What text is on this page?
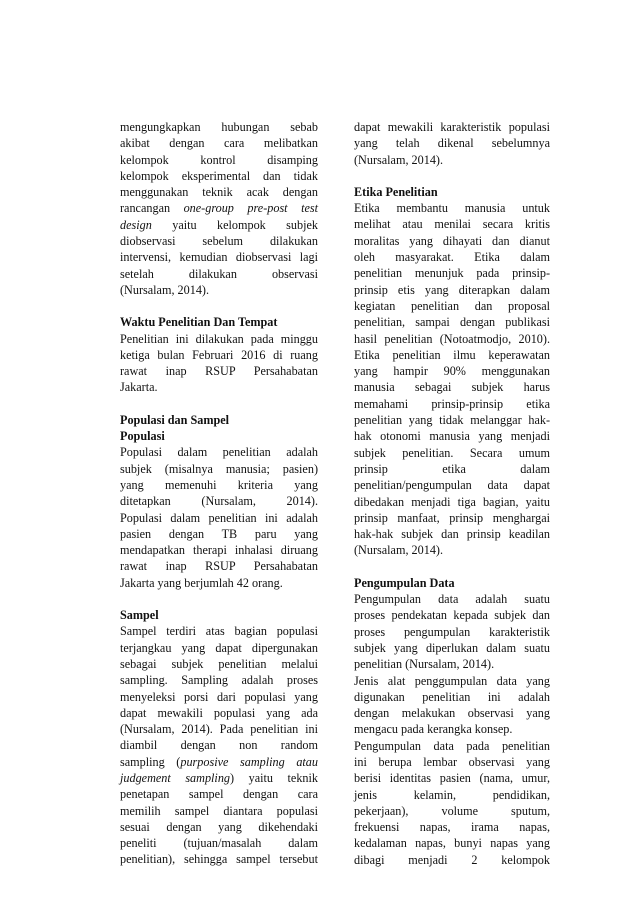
mengungkapkan hubungan sebab
akibat dengan cara melibatkan
kelompok kontrol disamping
kelompok eksperimental dan tidak
menggunakan teknik acak dengan
rancangan one-group pre-post test
design yaitu kelompok subjek
diobservasi sebelum dilakukan
intervensi, kemudian diobservasi lagi
setelah dilakukan observasi
(Nursalam, 2014).
Waktu Penelitian Dan Tempat
Penelitian ini dilakukan pada minggu
ketiga bulan Februari 2016 di ruang
rawat inap RSUP Persahabatan
Jakarta.
Populasi dan Sampel
Populasi
Populasi dalam penelitian adalah
subjek (misalnya manusia; pasien)
yang memenuhi kriteria yang
ditetapkan (Nursalam, 2014).
Populasi dalam penelitian ini adalah
pasien dengan TB paru yang
mendapatkan therapi inhalasi diruang
rawat inap RSUP Persahabatan
Jakarta yang berjumlah 42 orang.
Sampel
Sampel terdiri atas bagian populasi
terjangkau yang dapat dipergunakan
sebagai subjek penelitian melalui
sampling. Sampling adalah proses
menyeleksi porsi dari populasi yang
dapat mewakili populasi yang ada
(Nursalam, 2014). Pada penelitian ini
diambil dengan non random
sampling (purposive sampling atau
judgement sampling) yaitu teknik
penetapan sampel dengan cara
memilih sampel diantara populasi
sesuai dengan yang dikehendaki
peneliti (tujuan/masalah dalam
penelitian), sehingga sampel tersebut
dapat mewakili karakteristik populasi
yang telah dikenal sebelumnya
(Nursalam, 2014).
Etika Penelitian
Etika membantu manusia untuk
melihat atau menilai secara kritis
moralitas yang dihayati dan dianut
oleh masyarakat. Etika dalam
penelitian menunjuk pada prinsip-
prinsip etis yang diterapkan dalam
kegiatan penelitian dan proposal
penelitian, sampai dengan publikasi
hasil penelitian (Notoatmodjo, 2010).
Etika penelitian ilmu keperawatan
yang hampir 90% menggunakan
manusia sebagai subjek harus
memahami prinsip-prinsip etika
penelitian yang tidak melanggar hak-
hak otonomi manusia yang menjadi
subjek penelitian. Secara umum
prinsip etika dalam
penelitian/pengumpulan data dapat
dibedakan menjadi tiga bagian, yaitu
prinsip manfaat, prinsip menghargai
hak-hak subjek dan prinsip keadilan
(Nursalam, 2014).
Pengumpulan Data
Pengumpulan data adalah suatu
proses pendekatan kepada subjek dan
proses pengumpulan karakteristik
subjek yang diperlukan dalam suatu
penelitian (Nursalam, 2014).
Jenis alat penggumpulan data yang
digunakan penelitian ini adalah
dengan melakukan observasi yang
mengacu pada kerangka konsep.
Pengumpulan data pada penelitian
ini berupa lembar observasi yang
berisi identitas pasien (nama, umur,
jenis kelamin, pendidikan,
pekerjaan), volume sputum,
frekuensi napas, irama napas,
kedalaman napas, bunyi napas yang
dibagi menjadi 2 kelompok
